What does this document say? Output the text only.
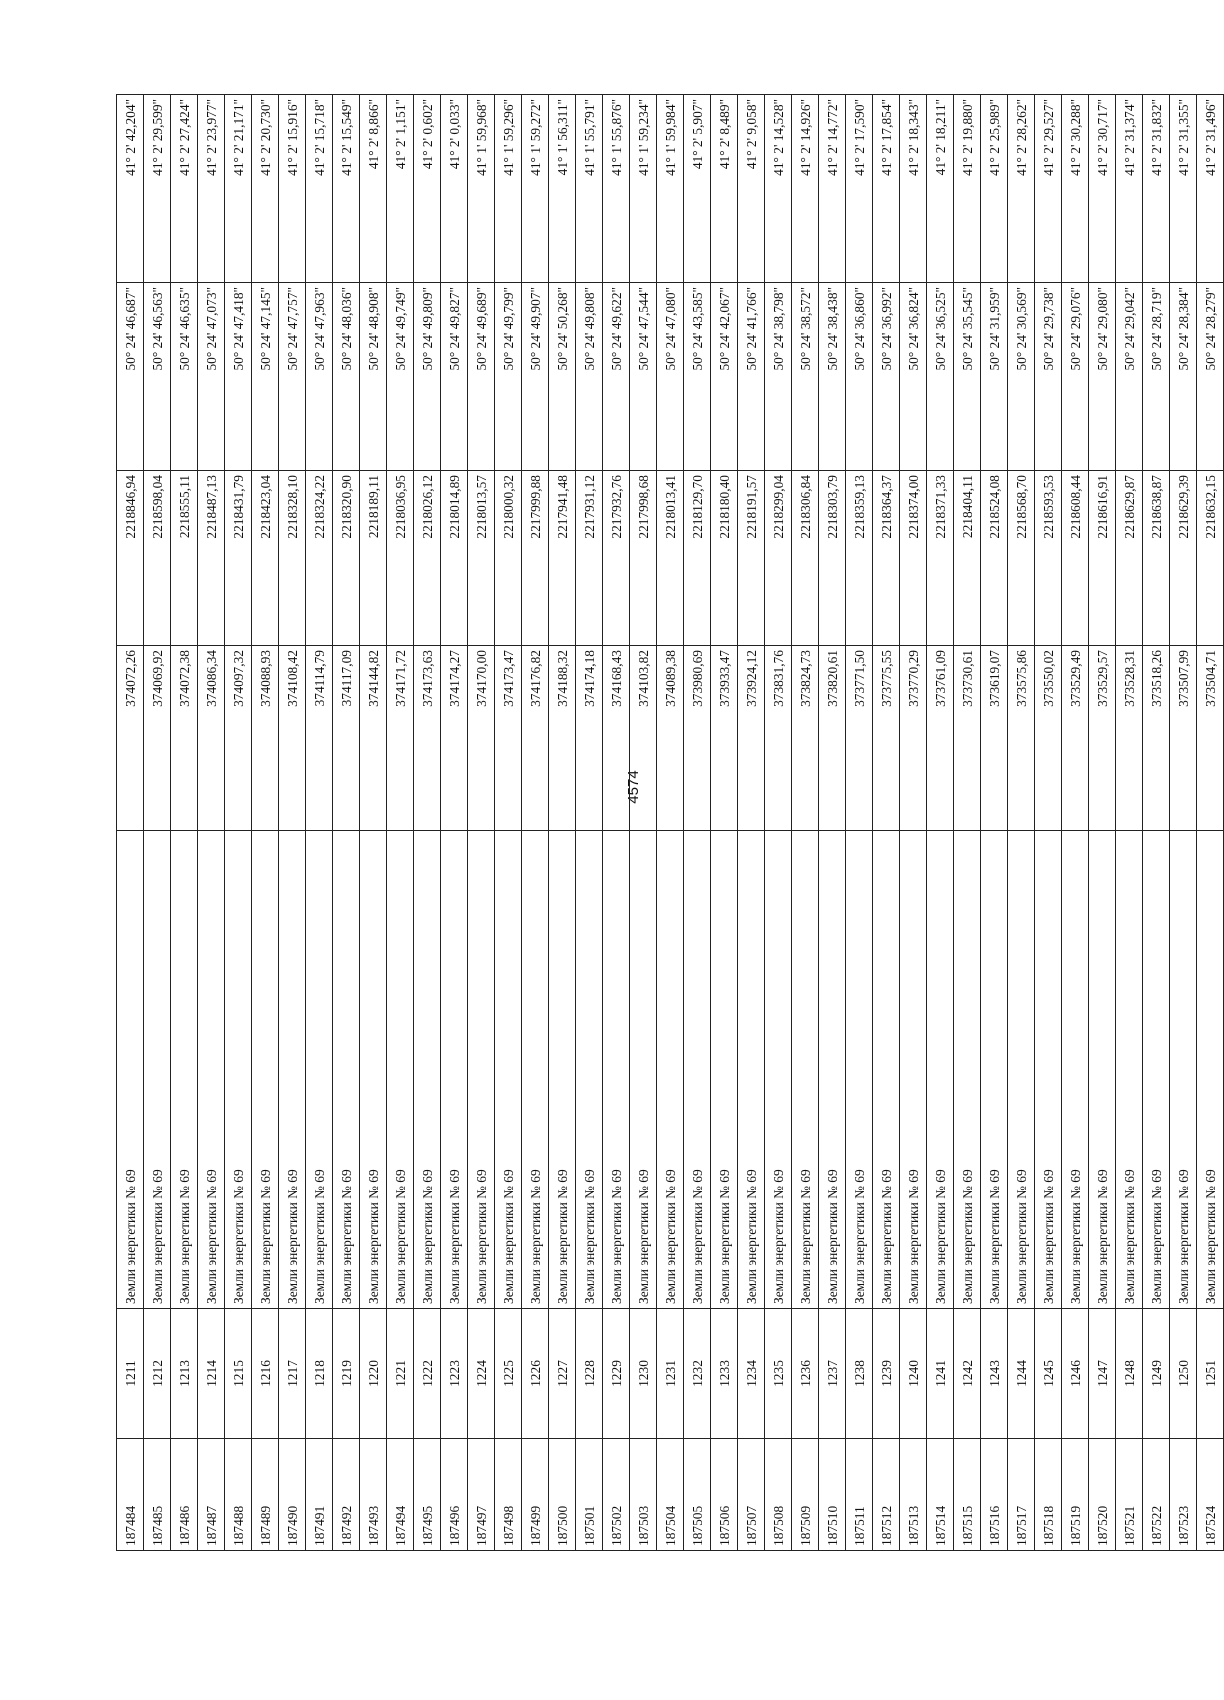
4574
187484	1211	Земли энергетики № 69	374072,26	2218846,94	50° 24' 46,687"	41° 2' 42,204"
187485	1212	Земли энергетики № 69	374069,92	2218598,04	50° 24' 46,563"	41° 2' 29,599"
187486	1213	Земли энергетики № 69	374072,38	2218555,11	50° 24' 46,635"	41° 2' 27,424"
187487	1214	Земли энергетики № 69	374086,34	2218487,13	50° 24' 47,073"	41° 2' 23,977"
187488	1215	Земли энергетики № 69	374097,32	2218431,79	50° 24' 47,418"	41° 2' 21,171"
187489	1216	Земли энергетики № 69	374088,93	2218423,04	50° 24' 47,145"	41° 2' 20,730"
187490	1217	Земли энергетики № 69	374108,42	2218328,10	50° 24' 47,757"	41° 2' 15,916"
187491	1218	Земли энергетики № 69	374114,79	2218324,22	50° 24' 47,963"	41° 2' 15,718"
187492	1219	Земли энергетики № 69	374117,09	2218320,90	50° 24' 48,036"	41° 2' 15,549"
187493	1220	Земли энергетики № 69	374144,82	2218189,11	50° 24' 48,908"	41° 2' 8,866"
187494	1221	Земли энергетики № 69	374171,72	2218036,95	50° 24' 49,749"	41° 2' 1,151"
187495	1222	Земли энергетики № 69	374173,63	2218026,12	50° 24' 49,809"	41° 2' 0,602"
187496	1223	Земли энергетики № 69	374174,27	2218014,89	50° 24' 49,827"	41° 2' 0,033"
187497	1224	Земли энергетики № 69	374170,00	2218013,57	50° 24' 49,689"	41° 1' 59,968"
187498	1225	Земли энергетики № 69	374173,47	2218000,32	50° 24' 49,799"	41° 1' 59,296"
187499	1226	Земли энергетики № 69	374176,82	2217999,88	50° 24' 49,907"	41° 1' 59,272"
187500	1227	Земли энергетики № 69	374188,32	2217941,48	50° 24' 50,268"	41° 1' 56,311"
187501	1228	Земли энергетики № 69	374174,18	2217931,12	50° 24' 49,808"	41° 1' 55,791"
187502	1229	Земли энергетики № 69	374168,43	2217932,76	50° 24' 49,622"	41° 1' 55,876"
187503	1230	Земли энергетики № 69	374103,82	2217998,68	50° 24' 47,544"	41° 1' 59,234"
187504	1231	Земли энергетики № 69	374089,38	2218013,41	50° 24' 47,080"	41° 1' 59,984"
187505	1232	Земли энергетики № 69	373980,69	2218129,70	50° 24' 43,585"	41° 2' 5,907"
187506	1233	Земли энергетики № 69	373933,47	2218180,40	50° 24' 42,067"	41° 2' 8,489"
187507	1234	Земли энергетики № 69	373924,12	2218191,57	50° 24' 41,766"	41° 2' 9,058"
187508	1235	Земли энергетики № 69	373831,76	2218299,04	50° 24' 38,798"	41° 2' 14,528"
187509	1236	Земли энергетики № 69	373824,73	2218306,84	50° 24' 38,572"	41° 2' 14,926"
187510	1237	Земли энергетики № 69	373820,61	2218303,79	50° 24' 38,438"	41° 2' 14,772"
187511	1238	Земли энергетики № 69	373771,50	2218359,13	50° 24' 36,860"	41° 2' 17,590"
187512	1239	Земли энергетики № 69	373775,55	2218364,37	50° 24' 36,992"	41° 2' 17,854"
187513	1240	Земли энергетики № 69	373770,29	2218374,00	50° 24' 36,824"	41° 2' 18,343"
187514	1241	Земли энергетики № 69	373761,09	2218371,33	50° 24' 36,525"	41° 2' 18,211"
187515	1242	Земли энергетики № 69	373730,61	2218404,11	50° 24' 35,545"	41° 2' 19,880"
187516	1243	Земли энергетики № 69	373619,07	2218524,08	50° 24' 31,959"	41° 2' 25,989"
187517	1244	Земли энергетики № 69	373575,86	2218568,70	50° 24' 30,569"	41° 2' 28,262"
187518	1245	Земли энергетики № 69	373550,02	2218593,53	50° 24' 29,738"	41° 2' 29,527"
187519	1246	Земли энергетики № 69	373529,49	2218608,44	50° 24' 29,076"	41° 2' 30,288"
187520	1247	Земли энергетики № 69	373529,57	2218616,91	50° 24' 29,080"	41° 2' 30,717"
187521	1248	Земли энергетики № 69	373528,31	2218629,87	50° 24' 29,042"	41° 2' 31,374"
187522	1249	Земли энергетики № 69	373518,26	2218638,87	50° 24' 28,719"	41° 2' 31,832"
187523	1250	Земли энергетики № 69	373507,99	2218629,39	50° 24' 28,384"	41° 2' 31,355"
187524	1251	Земли энергетики № 69	373504,71	2218632,15	50° 24' 28,279"	41° 2' 31,496"
